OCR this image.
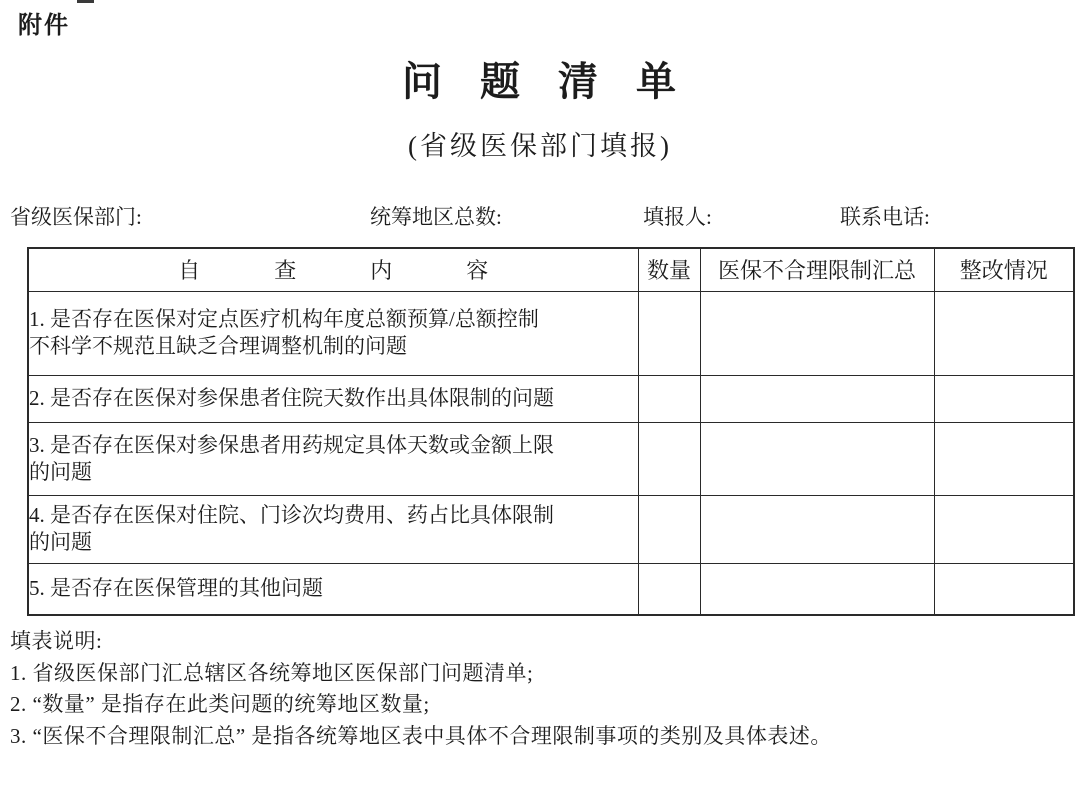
附件
问 题 清 单
(省级医保部门填报)
省级医保部门:	统筹地区总数:	填报人:	联系电话:
自 查 内 容	数量	医保不合理限制汇总	整改情况
1. 是否存在医保对定点医疗机构年度总额预算/总额控制
不科学不规范且缺乏合理调整机制的问题			
2. 是否存在医保对参保患者住院天数作出具体限制的问题			
3. 是否存在医保对参保患者用药规定具体天数或金额上限
的问题			
4. 是否存在医保对住院、门诊次均费用、药占比具体限制
的问题			
5. 是否存在医保管理的其他问题			
填表说明:
1. 省级医保部门汇总辖区各统筹地区医保部门问题清单;
2. “数量” 是指存在此类问题的统筹地区数量;
3. “医保不合理限制汇总” 是指各统筹地区表中具体不合理限制事项的类别及具体表述。
